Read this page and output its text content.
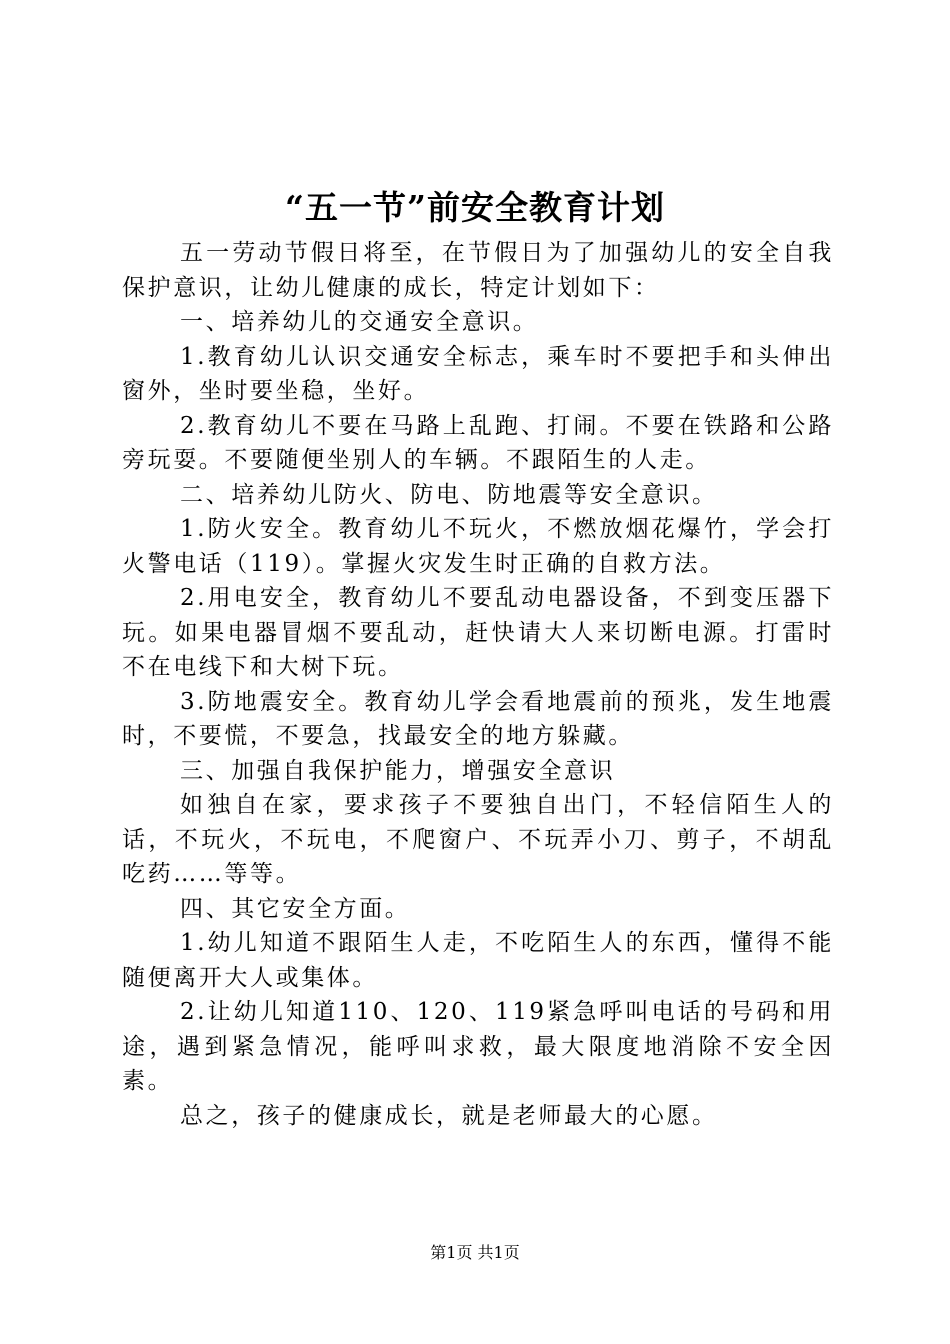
“五一节”前安全教育计划

五一劳动节假日将至，在节假日为了加强幼儿的安全自我保护意识，让幼儿健康的成长，特定计划如下：

一、培养幼儿的交通安全意识。

1.教育幼儿认识交通安全标志，乘车时不要把手和头伸出窗外，坐时要坐稳，坐好。

2.教育幼儿不要在马路上乱跑、打闹。不要在铁路和公路旁玩耍。不要随便坐别人的车辆。不跟陌生的人走。

二、培养幼儿防火、防电、防地震等安全意识。

1.防火安全。教育幼儿不玩火，不燃放烟花爆竹，学会打火警电话（119）。掌握火灾发生时正确的自救方法。

2.用电安全，教育幼儿不要乱动电器设备，不到变压器下玩。如果电器冒烟不要乱动，赶快请大人来切断电源。打雷时不在电线下和大树下玩。

3.防地震安全。教育幼儿学会看地震前的预兆，发生地震时，不要慌，不要急，找最安全的地方躲藏。

三、加强自我保护能力，增强安全意识

如独自在家，要求孩子不要独自出门，不轻信陌生人的话，不玩火，不玩电，不爬窗户、不玩弄小刀、剪子，不胡乱吃药……等等。

四、其它安全方面。

1.幼儿知道不跟陌生人走，不吃陌生人的东西，懂得不能随便离开大人或集体。

2.让幼儿知道110、120、119紧急呼叫电话的号码和用途，遇到紧急情况，能呼叫求救，最大限度地消除不安全因素。

总之，孩子的健康成长，就是老师最大的心愿。

第1页 共1页
